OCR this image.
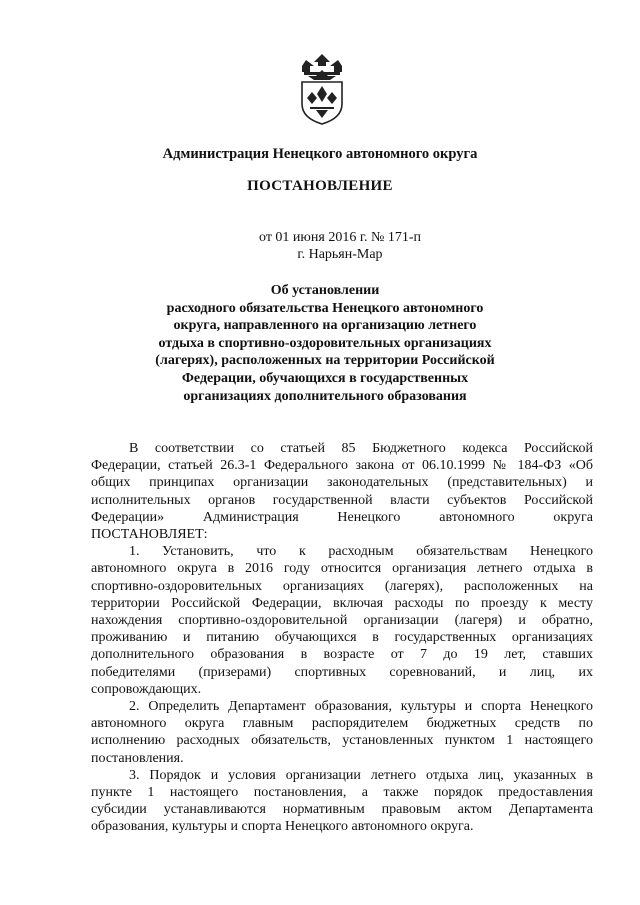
Администрация Ненецкого автономного округа
ПОСТАНОВЛЕНИЕ
от 01 июня 2016 г. № 171-п
г. Нарьян-Мар
Об установлении
расходного обязательства Ненецкого автономного
округа, направленного на организацию летнего
отдыха в спортивно-оздоровительных организациях
(лагерях), расположенных на территории Российской
Федерации, обучающихся в государственных
организациях дополнительного образования
В соответствии со статьей 85 Бюджетного кодекса Российской
Федерации, статьей 26.3-1 Федерального закона от 06.10.1999 № 184-ФЗ «Об
общих принципах организации законодательных (представительных) и
исполнительных органов государственной власти субъектов Российской
Федерации» Администрация Ненецкого автономного округа
ПОСТАНОВЛЯЕТ:
1. Установить, что к расходным обязательствам Ненецкого
автономного округа в 2016 году относится организация летнего отдыха в
спортивно-оздоровительных организациях (лагерях), расположенных на
территории Российской Федерации, включая расходы по проезду к месту
нахождения спортивно-оздоровительной организации (лагеря) и обратно,
проживанию и питанию обучающихся в государственных организациях
дополнительного образования в возрасте от 7 до 19 лет, ставших
победителями (призерами) спортивных соревнований, и лиц, их
сопровождающих.
2. Определить Департамент образования, культуры и спорта Ненецкого
автономного округа главным распорядителем бюджетных средств по
исполнению расходных обязательств, установленных пунктом 1 настоящего
постановления.
3. Порядок и условия организации летнего отдыха лиц, указанных в
пункте 1 настоящего постановления, а также порядок предоставления
субсидии устанавливаются нормативным правовым актом Департамента
образования, культуры и спорта Ненецкого автономного округа.
